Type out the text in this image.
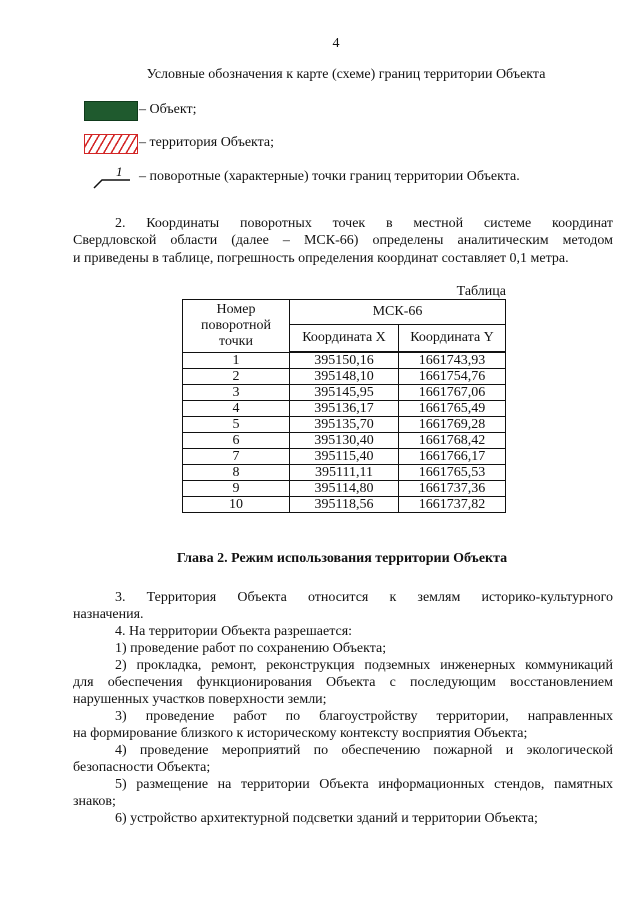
4
Условные обозначения к карте (схеме) границ территории Объекта
– Объект;
– территория Объекта;
1 – поворотные (характерные) точки границ территории Объекта.
2. Координаты поворотных точек в местной системе координат
Свердловской области (далее – МСК-66) определены аналитическим методом
и приведены в таблице, погрешность определения координат составляет 0,1 метра.
Таблица
Номер поворотной точки	МСК-66	
	Координата X	Координата Y
1	395150,16	1661743,93
2	395148,10	1661754,76
3	395145,95	1661767,06
4	395136,17	1661765,49
5	395135,70	1661769,28
6	395130,40	1661768,42
7	395115,40	1661766,17
8	395111,11	1661765,53
9	395114,80	1661737,36
10	395118,56	1661737,82
Глава 2. Режим использования территории Объекта
3. Территория Объекта относится к землям историко-культурного
назначения.
4. На территории Объекта разрешается:
1) проведение работ по сохранению Объекта;
2) прокладка, ремонт, реконструкция подземных инженерных коммуникаций
для обеспечения функционирования Объекта с последующим восстановлением
нарушенных участков поверхности земли;
3) проведение работ по благоустройству территории, направленных
на формирование близкого к историческому контексту восприятия Объекта;
4) проведение мероприятий по обеспечению пожарной и экологической
безопасности Объекта;
5) размещение на территории Объекта информационных стендов, памятных
знаков;
6) устройство архитектурной подсветки зданий и территории Объекта;
